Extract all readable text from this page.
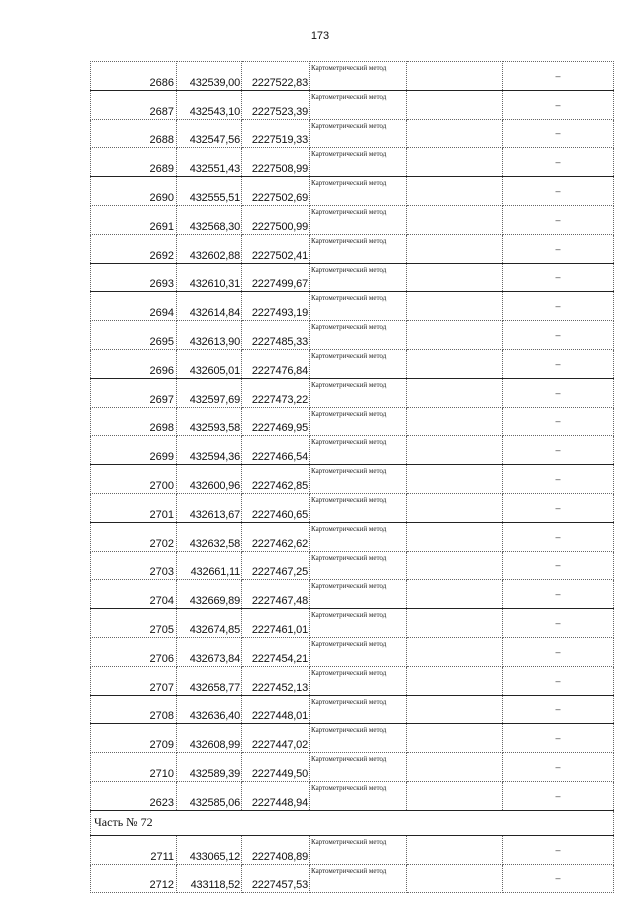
173
2686	432539,00	2227522,83	Картометрический метод		–
2687	432543,10	2227523,39	Картометрический метод		–
2688	432547,56	2227519,33	Картометрический метод		–
2689	432551,43	2227508,99	Картометрический метод		–
2690	432555,51	2227502,69	Картометрический метод		–
2691	432568,30	2227500,99	Картометрический метод		–
2692	432602,88	2227502,41	Картометрический метод		–
2693	432610,31	2227499,67	Картометрический метод		–
2694	432614,84	2227493,19	Картометрический метод		–
2695	432613,90	2227485,33	Картометрический метод		–
2696	432605,01	2227476,84	Картометрический метод		–
2697	432597,69	2227473,22	Картометрический метод		–
2698	432593,58	2227469,95	Картометрический метод		–
2699	432594,36	2227466,54	Картометрический метод		–
2700	432600,96	2227462,85	Картометрический метод		–
2701	432613,67	2227460,65	Картометрический метод		–
2702	432632,58	2227462,62	Картометрический метод		–
2703	432661,11	2227467,25	Картометрический метод		–
2704	432669,89	2227467,48	Картометрический метод		–
2705	432674,85	2227461,01	Картометрический метод		–
2706	432673,84	2227454,21	Картометрический метод		–
2707	432658,77	2227452,13	Картометрический метод		–
2708	432636,40	2227448,01	Картометрический метод		–
2709	432608,99	2227447,02	Картометрический метод		–
2710	432589,39	2227449,50	Картометрический метод		–
2623	432585,06	2227448,94	Картометрический метод		–
Часть № 72					
2711	433065,12	2227408,89	Картометрический метод		–
2712	433118,52	2227457,53	Картометрический метод		–
